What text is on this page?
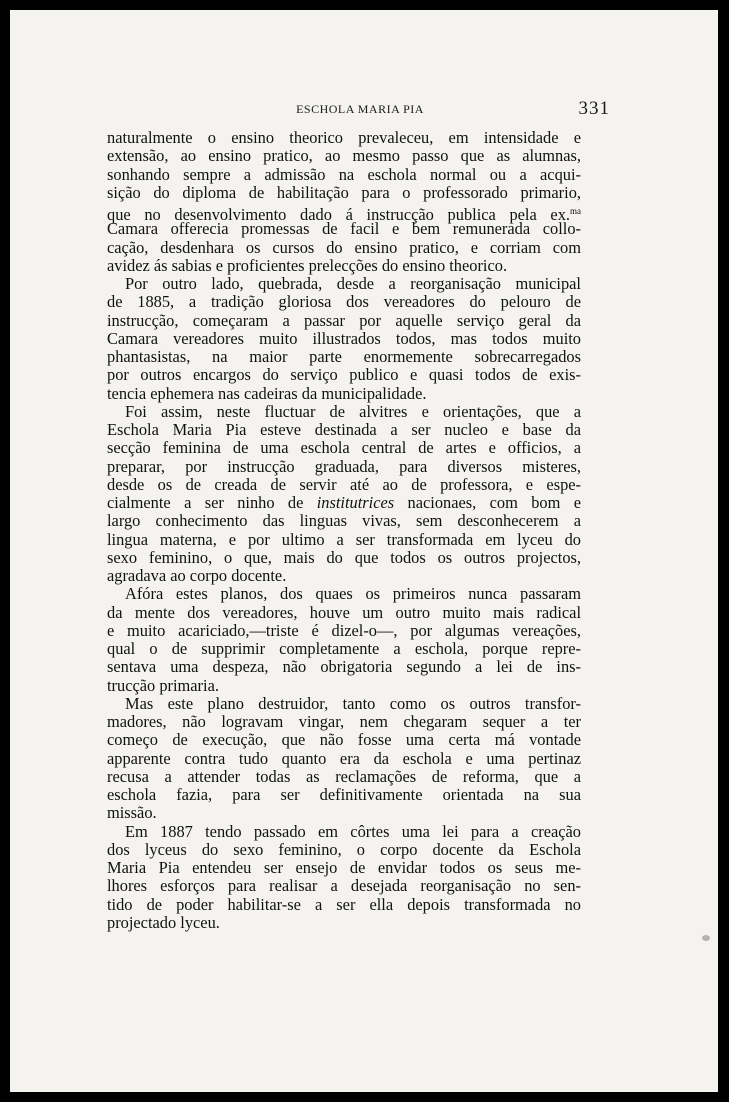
ESCHOLA MARIA PIA	331
naturalmente o ensino theorico prevaleceu, em intensidade e
extensão, ao ensino pratico, ao mesmo passo que as alumnas,
sonhando sempre a admissão na eschola normal ou a acqui-
sição do diploma de habilitação para o professorado primario,
que no desenvolvimento dado á instrucção publica pela ex.$^{ma}$
Camara offerecia promessas de facil e bem remunerada collo-
cação, desdenhara os cursos do ensino pratico, e corriam com
avidez ás sabias e proficientes prelecções do ensino theorico.
Por outro lado, quebrada, desde a reorganisação municipal
de 1885, a tradição gloriosa dos vereadores do pelouro de
instrucção, começaram a passar por aquelle serviço geral da
Camara vereadores muito illustrados todos, mas todos muito
phantasistas, na maior parte enormemente sobrecarregados
por outros encargos do serviço publico e quasi todos de exis-
tencia ephemera nas cadeiras da municipalidade.
Foi assim, neste fluctuar de alvitres e orientações, que a
Eschola Maria Pia esteve destinada a ser nucleo e base da
secção feminina de uma eschola central de artes e officios, a
preparar, por instrucção graduada, para diversos misteres,
desde os de creada de servir até ao de professora, e espe-
cialmente a ser ninho de institutrices nacionaes, com bom e
largo conhecimento das linguas vivas, sem desconhecerem a
lingua materna, e por ultimo a ser transformada em lyceu do
sexo feminino, o que, mais do que todos os outros projectos,
agradava ao corpo docente.
Afóra estes planos, dos quaes os primeiros nunca passaram
da mente dos vereadores, houve um outro muito mais radical
e muito acariciado,—triste é dizel-o—, por algumas vereações,
qual o de supprimir completamente a eschola, porque repre-
sentava uma despeza, não obrigatoria segundo a lei de ins-
trucção primaria.
Mas este plano destruidor, tanto como os outros transfor-
madores, não logravam vingar, nem chegaram sequer a ter
começo de execução, que não fosse uma certa má vontade
apparente contra tudo quanto era da eschola e uma pertinaz
recusa a attender todas as reclamações de reforma, que a
eschola fazia, para ser definitivamente orientada na sua
missão.
Em 1887 tendo passado em côrtes uma lei para a creação
dos lyceus do sexo feminino, o corpo docente da Eschola
Maria Pia entendeu ser ensejo de envidar todos os seus me-
lhores esforços para realisar a desejada reorganisação no sen-
tido de poder habilitar-se a ser ella depois transformada no
projectado lyceu.
